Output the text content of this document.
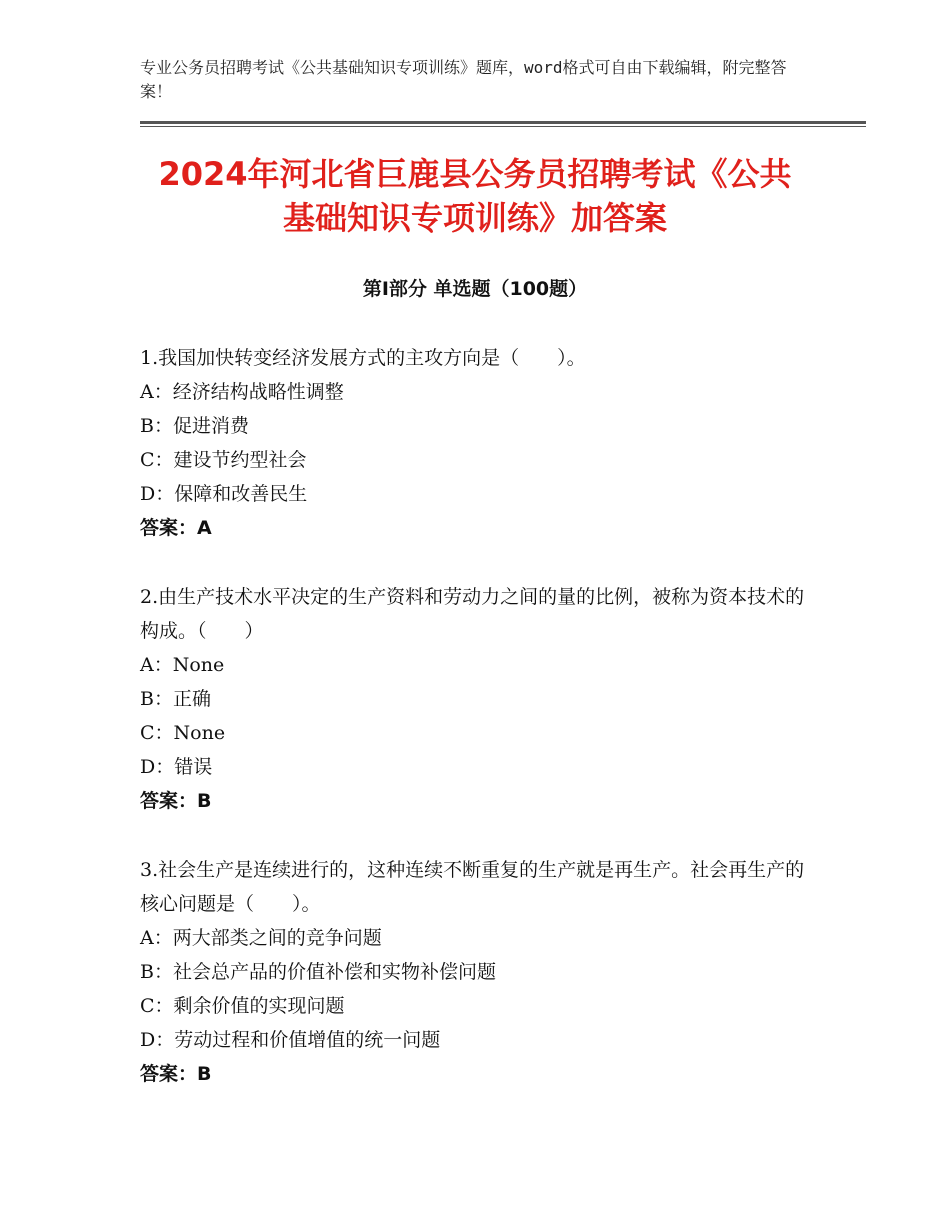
专业公务员招聘考试《公共基础知识专项训练》题库，word格式可自由下载编辑，附完整答案！
2024年河北省巨鹿县公务员招聘考试《公共
基础知识专项训练》加答案
第Ⅰ部分 单选题（100题）
1.我国加快转变经济发展方式的主攻方向是（　　）。
A：经济结构战略性调整
B：促进消费
C：建设节约型社会
D：保障和改善民生
答案：A
2.由生产技术水平决定的生产资料和劳动力之间的量的比例，被称为资本技术的构成。（　　）
A：None
B：正确
C：None
D：错误
答案：B
3.社会生产是连续进行的，这种连续不断重复的生产就是再生产。社会再生产的核心问题是（　　）。
A：两大部类之间的竞争问题
B：社会总产品的价值补偿和实物补偿问题
C：剩余价值的实现问题
D：劳动过程和价值增值的统一问题
答案：B
